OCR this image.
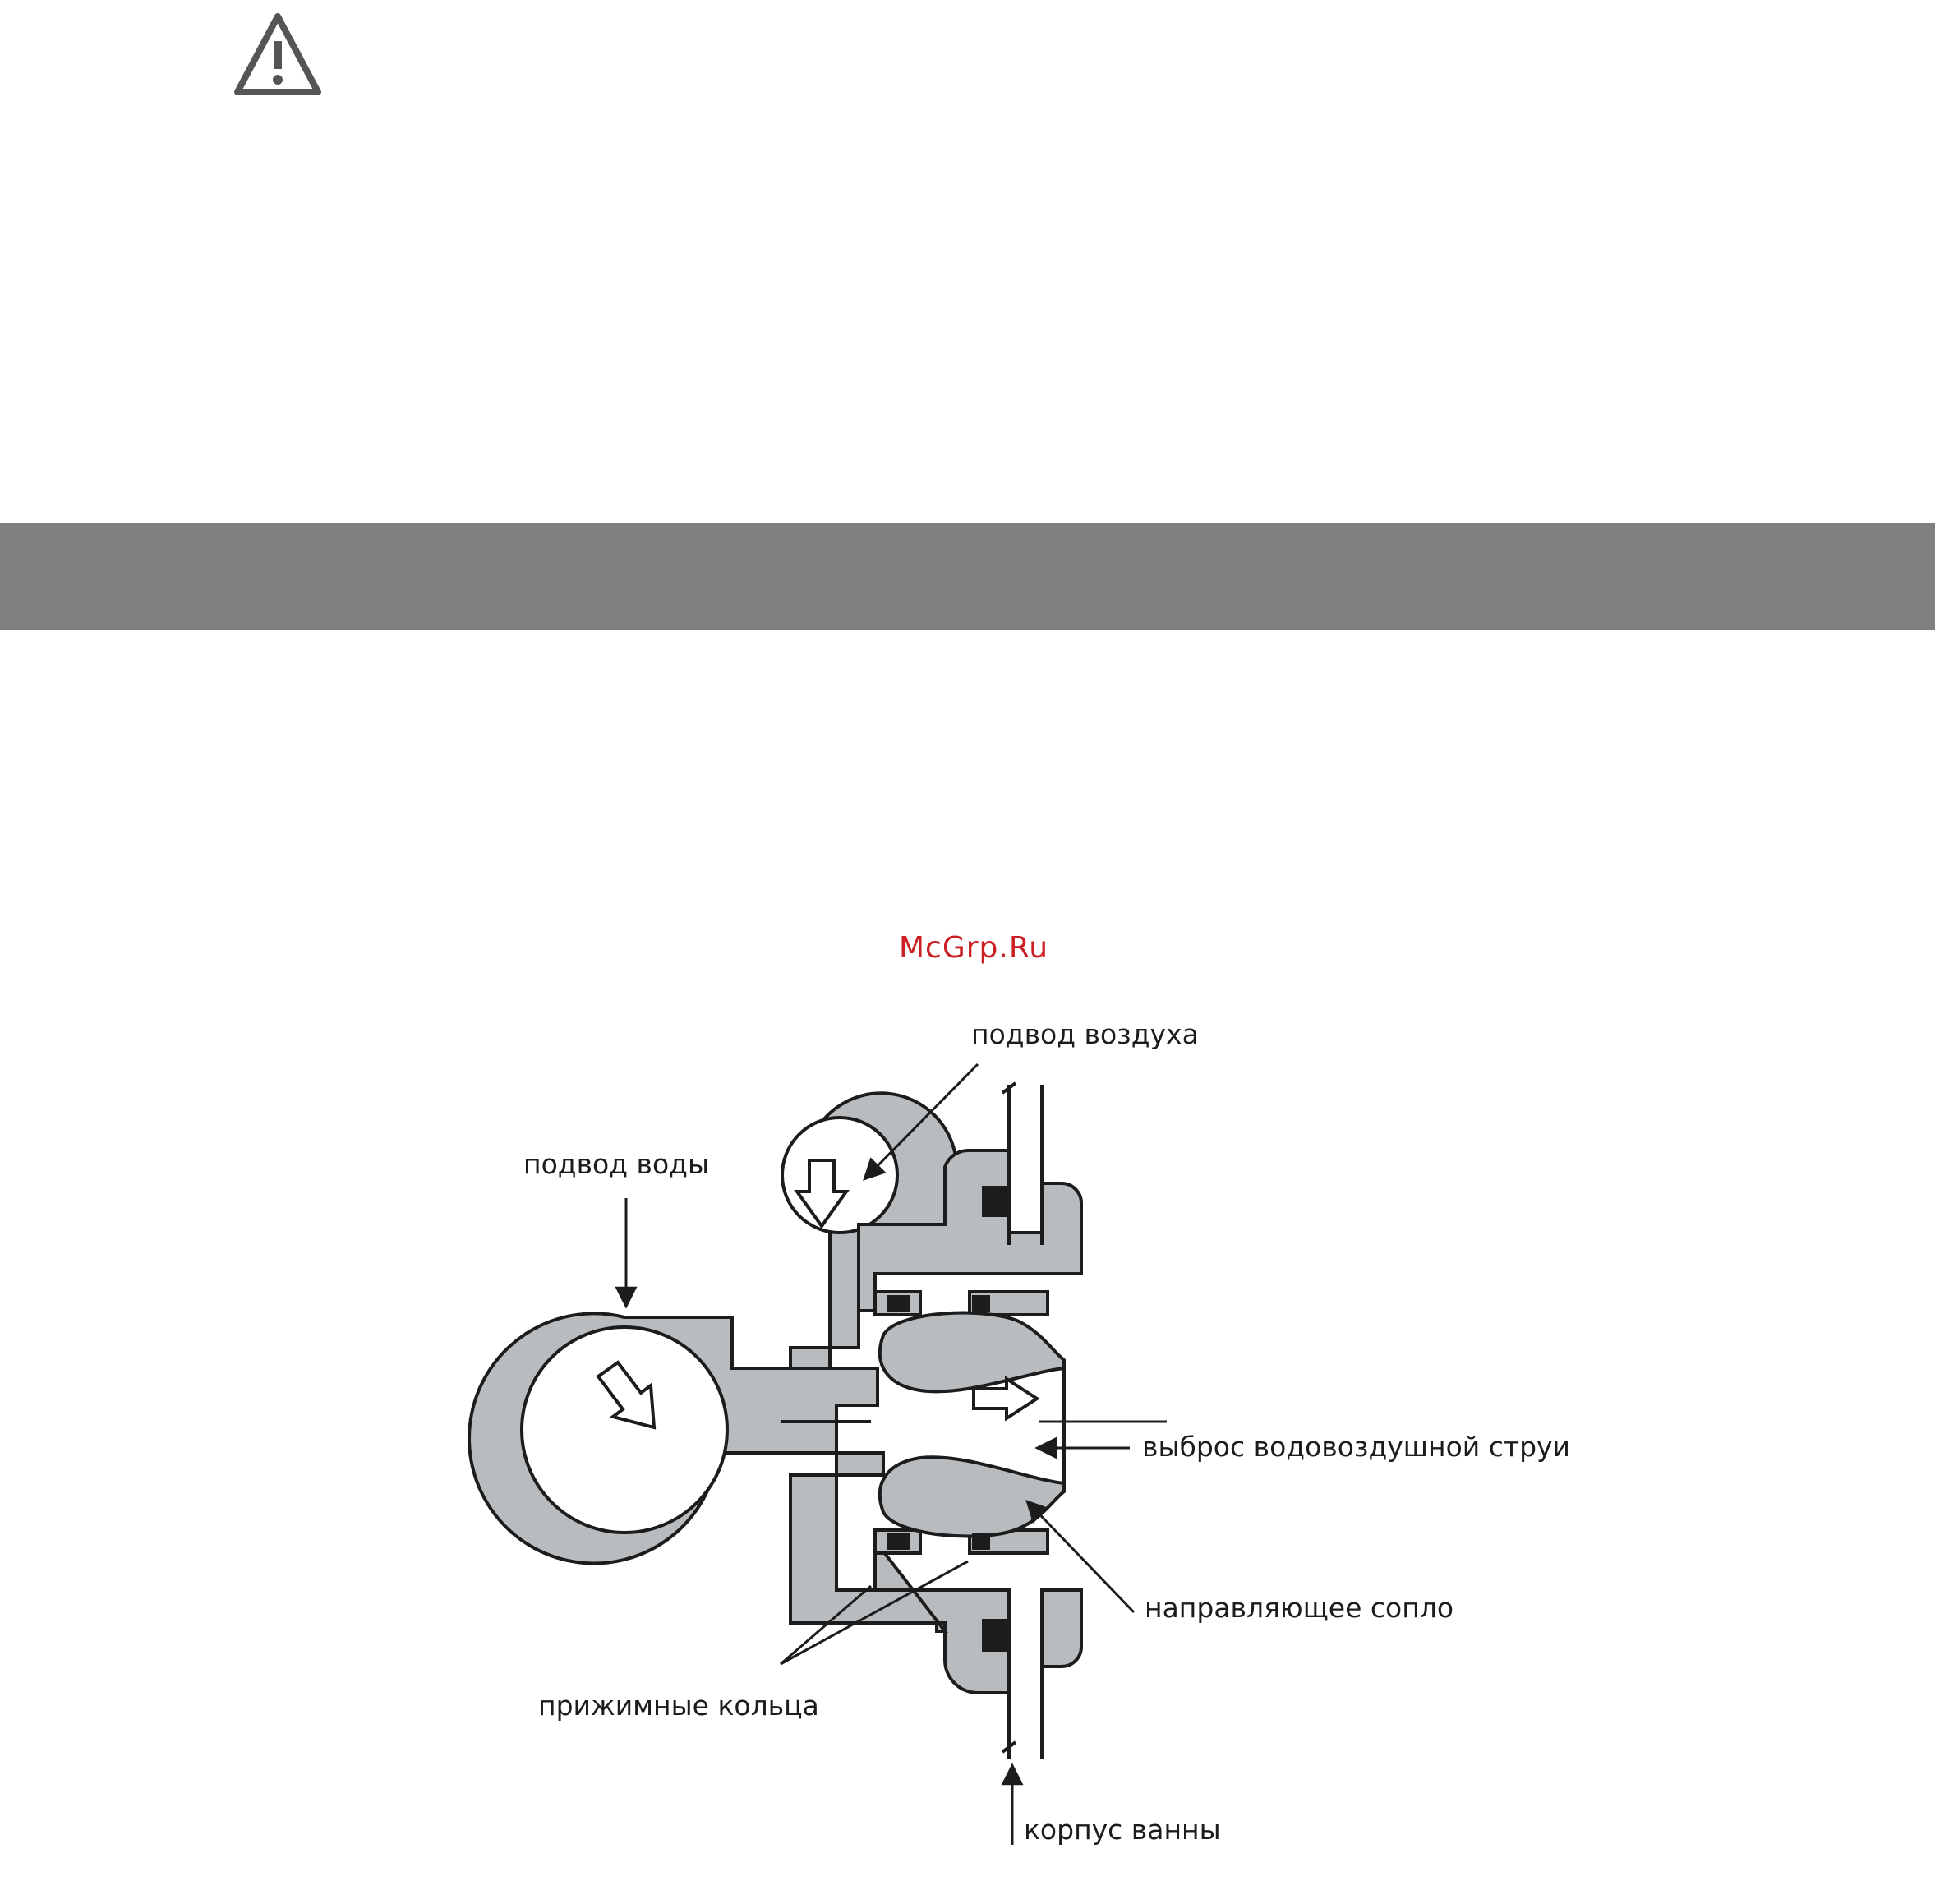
McGrp.Ru
подвод воздуха
подвод воды
выброс водовоздушной струи
направляющее сопло
прижимные кольца
корпус ванны
